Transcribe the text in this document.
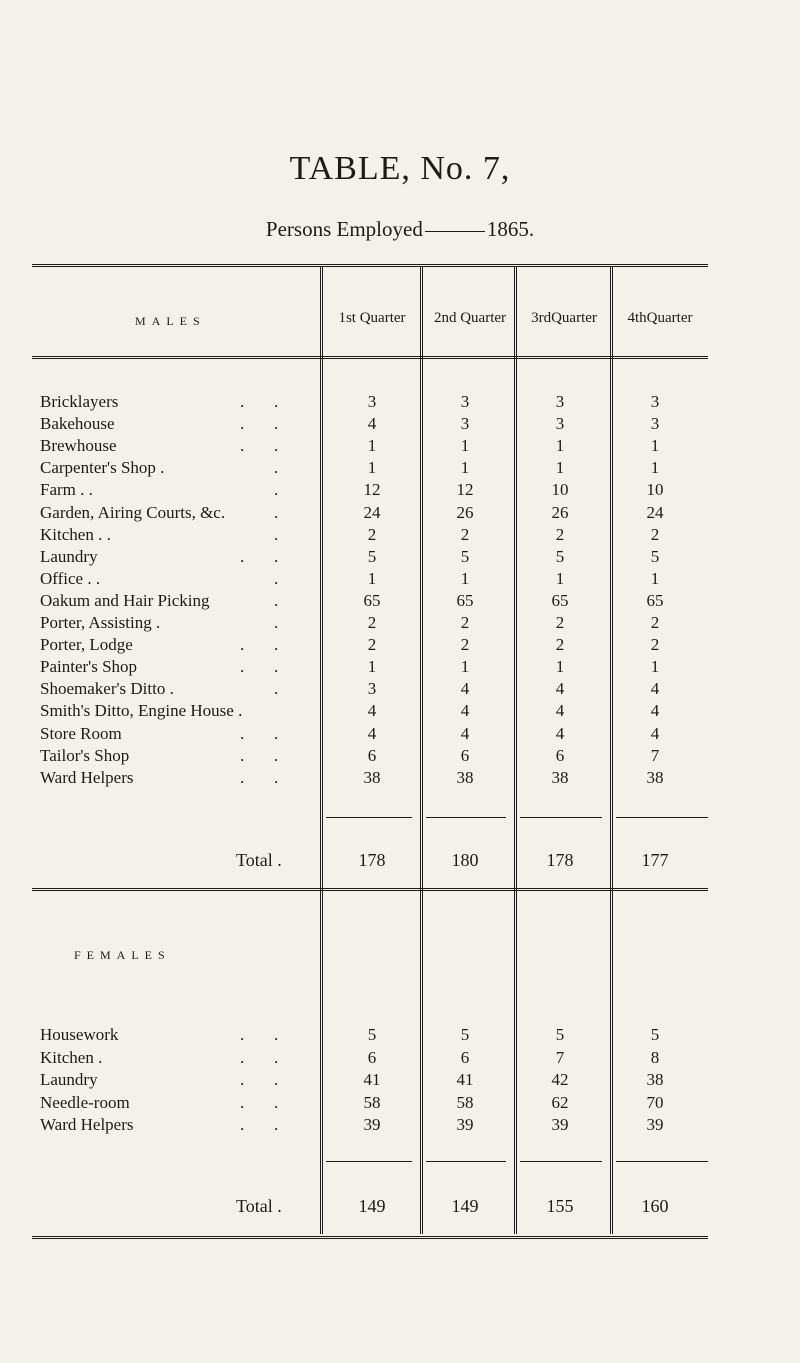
TABLE, No. 7,
Persons Employed	1865.
MALES	1st Quarter	2nd Quarter	3rdQuarter	4thQuarter
Bricklayers	.       .	3	3	3	3
Bakehouse	.       .	4	3	3	3
Brewhouse	.       .	1	1	1	1
Carpenter's Shop .	.	1	1	1	1
Farm . .	.	12	12	10	10
Garden, Airing Courts, &c. .	24	26	26	24
Kitchen . .	.	2	2	2	2
Laundry	.       .	5	5	5	5
Office . .	.	1	1	1	1
Oakum and Hair Picking .	65	65	65	65
Porter, Assisting .	.	2	2	2	2
Porter, Lodge	.       .	2	2	2	2
Painter's Shop	.       .	1	1	1	1
Shoemaker's Ditto .	.	3	4	4	4
Smith's Ditto, Engine House .	4	4	4	4
Store Room	.       .	4	4	4	4
Tailor's Shop	.       .	6	6	6	7
Ward Helpers	.       .	38	38	38	38
Total .	178	180	178	177
FEMALES
Housework	.       .	5	5	5	5
Kitchen .	.       .	6	6	7	8
Laundry	.       .	41	41	42	38
Needle-room	.       .	58	58	62	70
Ward Helpers	.       .	39	39	39	39
Total .	149	149	155	160
